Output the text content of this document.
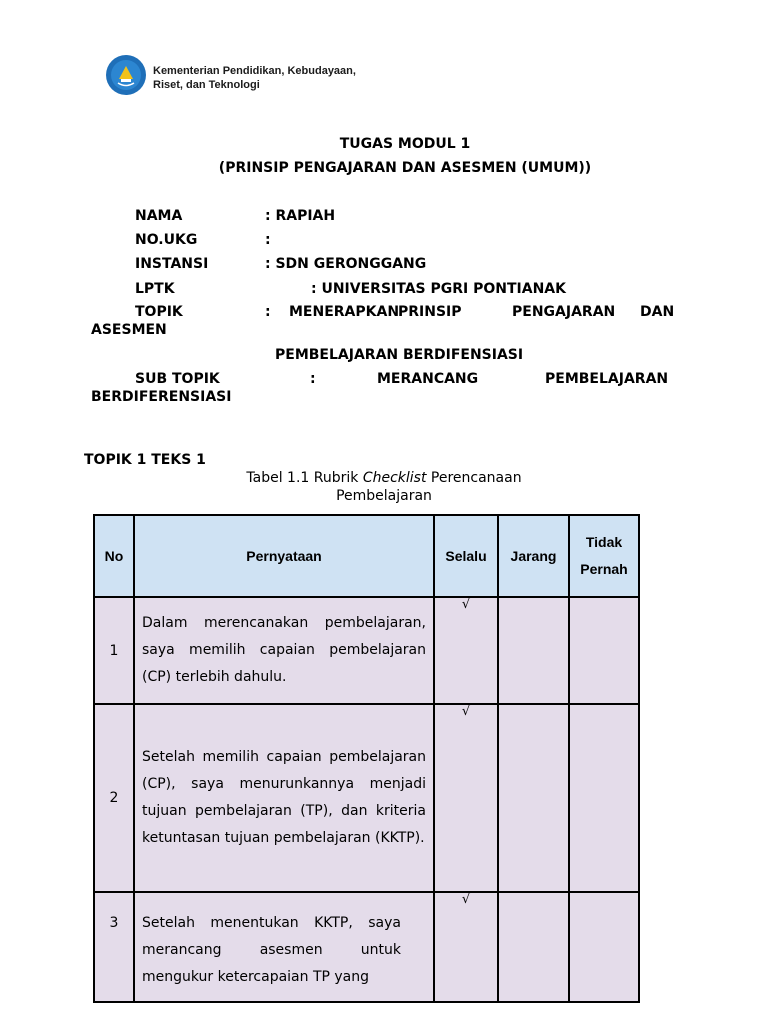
Kementerian Pendidikan, Kebudayaan,
Riset, dan Teknologi
TUGAS MODUL 1
(PRINSIP PENGAJARAN DAN ASESMEN (UMUM))
NAMA	: RAPIAH
NO.UKG	:
INSTANSI	: SDN GERONGGANG
LPTK	: UNIVERSITAS PGRI PONTIANAK
TOPIK	: MENERAPKAN
PRINSIP	PENGAJARAN DAN
ASESMEN
PEMBELAJARAN BERDIFENSIASI
SUB TOPIK	:	MERANCANG	PEMBELAJARAN
BERDIFERENSIASI
TOPIK 1 TEKS 1
Tabel 1.1 Rubrik Checklist Perencanaan
Pembelajaran
No	Pernyataan	Selalu	Jarang	Tidak Pernah
1	Dalam merencanakan pembelajaran, saya memilih capaian pembelajaran (CP) terlebih dahulu.	√		
2	Setelah memilih capaian pembelajaran (CP), saya menurunkannya menjadi tujuan pembelajaran (TP), dan kriteria ketuntasan tujuan pembelajaran (KKTP).	√		
3	Setelah menentukan KKTP, saya merancang asesmen untuk mengukur ketercapaian TP yang	√		
